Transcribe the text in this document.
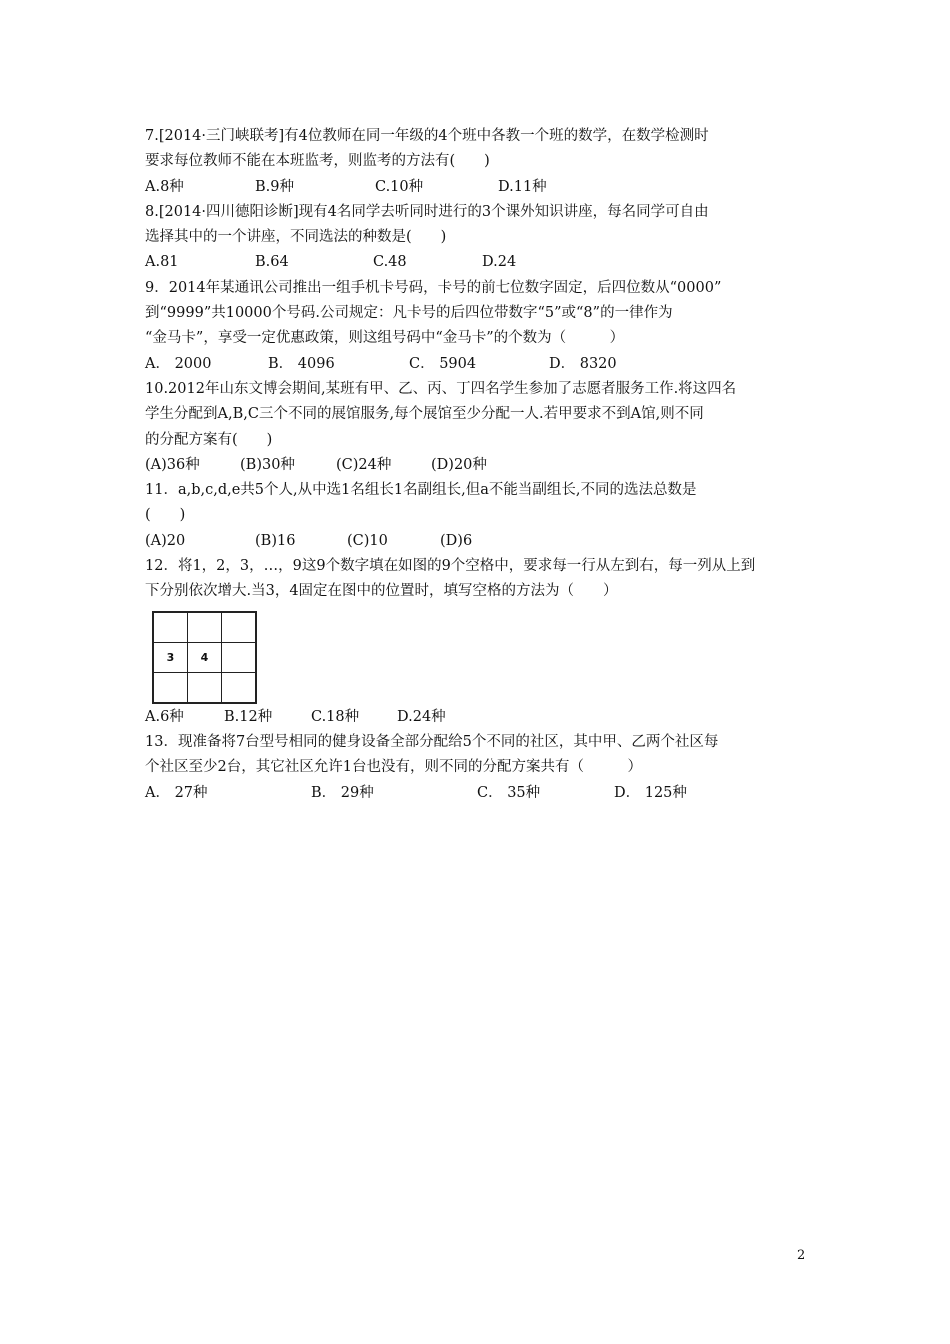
7.[2014·三门峡联考]有4位教师在同一年级的4个班中各教一个班的数学，在数学检测时
要求每位教师不能在本班监考，则监考的方法有(　　)
A.8种	B.9种	C.10种	D.11种
8.[2014·四川德阳诊断]现有4名同学去听同时进行的3个课外知识讲座，每名同学可自由
选择其中的一个讲座，不同选法的种数是(　　)
A.81	B.64	C.48	D.24
9．2014年某通讯公司推出一组手机卡号码，卡号的前七位数字固定，后四位数从“0000”
到“9999”共10000个号码.公司规定：凡卡号的后四位带数字“5”或“8”的一律作为
“金马卡”，享受一定优惠政策，则这组号码中“金马卡”的个数为（　　　）
A． 2000	B． 4096	C． 5904	D． 8320
10.2012年山东文博会期间,某班有甲、乙、丙、丁四名学生参加了志愿者服务工作.将这四名
学生分配到A,B,C三个不同的展馆服务,每个展馆至少分配一人.若甲要求不到A馆,则不同
的分配方案有(　　)
(A)36种	(B)30种	(C)24种	(D)20种
11．a,b,c,d,e共5个人,从中选1名组长1名副组长,但a不能当副组长,不同的选法总数是
(　　)
(A)20	(B)16	(C)10	(D)6
12．将1，2，3，…，9这9个数字填在如图的9个空格中，要求每一行从左到右，每一列从上到
下分别依次增大.当3，4固定在图中的位置时，填写空格的方法为（　　）

3	4	

A.6种	B.12种	C.18种	D.24种
13．现准备将7台型号相同的健身设备全部分配给5个不同的社区，其中甲、乙两个社区每
个社区至少2台，其它社区允许1台也没有，则不同的分配方案共有（　　　）
A． 27种	B． 29种	C． 35种	D． 125种
2
